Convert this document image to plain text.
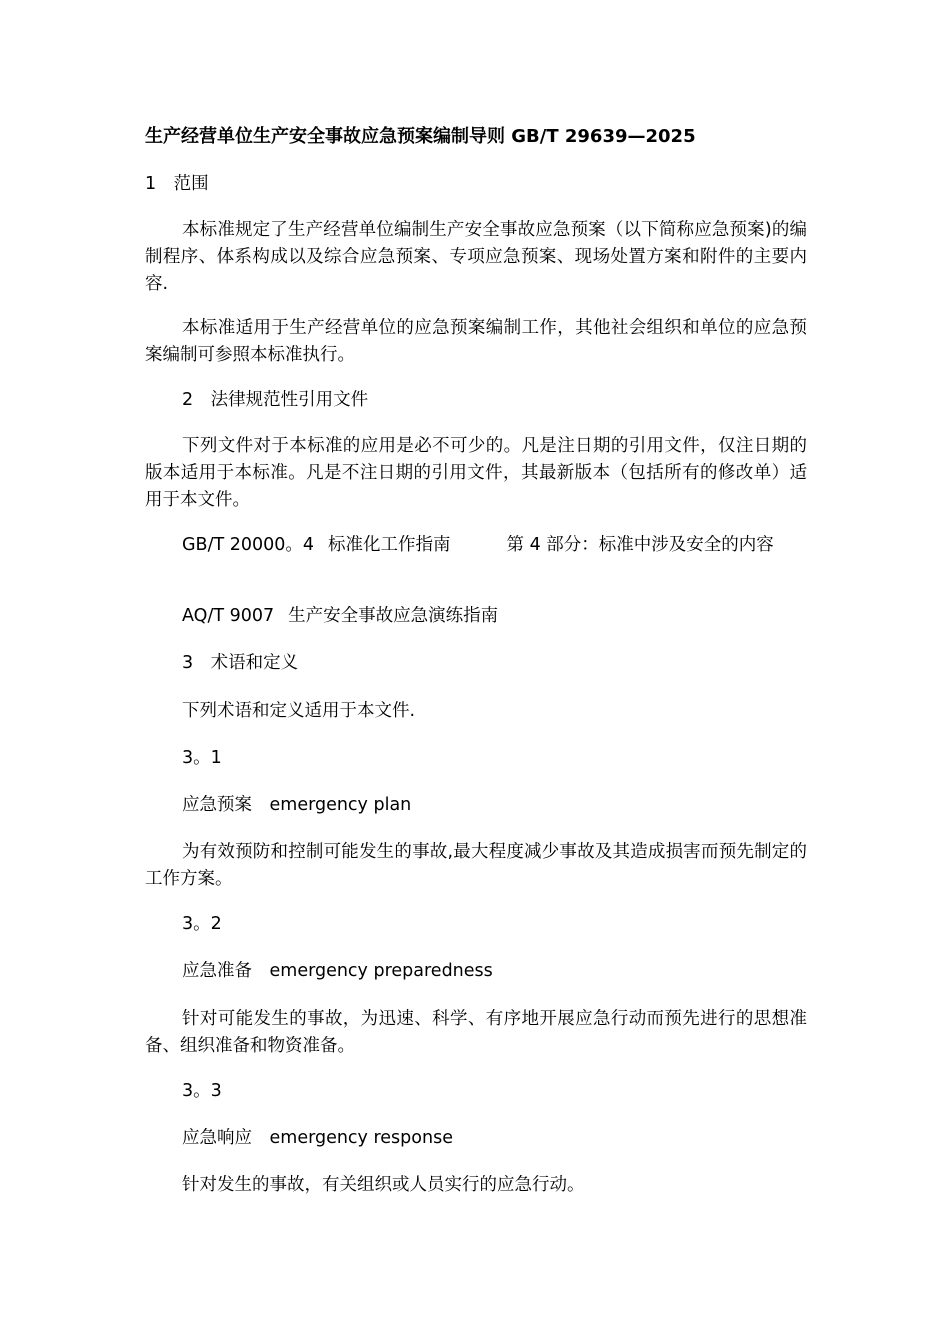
生产经营单位生产安全事故应急预案编制导则 GB/T 29639—2025

1　范围

本标准规定了生产经营单位编制生产安全事故应急预案（以下简称应急预案)的编制程序、体系构成以及综合应急预案、专项应急预案、现场处置方案和附件的主要内容.

本标准适用于生产经营单位的应急预案编制工作，其他社会组织和单位的应急预案编制可参照本标准执行。

2　法律规范性引用文件

下列文件对于本标准的应用是必不可少的。凡是注日期的引用文件，仅注日期的版本适用于本标准。凡是不注日期的引用文件，其最新版本（包括所有的修改单）适用于本文件。

GB/T 20000。4 标准化工作指南	第 4 部分：标准中涉及安全的内容

AQ/T 9007 生产安全事故应急演练指南

3　术语和定义

下列术语和定义适用于本文件.

3。1

应急预案　emergency plan

为有效预防和控制可能发生的事故,最大程度减少事故及其造成损害而预先制定的工作方案。

3。2

应急准备　emergency preparedness

针对可能发生的事故，为迅速、科学、有序地开展应急行动而预先进行的思想准备、组织准备和物资准备。

3。3

应急响应　emergency response

针对发生的事故，有关组织或人员实行的应急行动。
